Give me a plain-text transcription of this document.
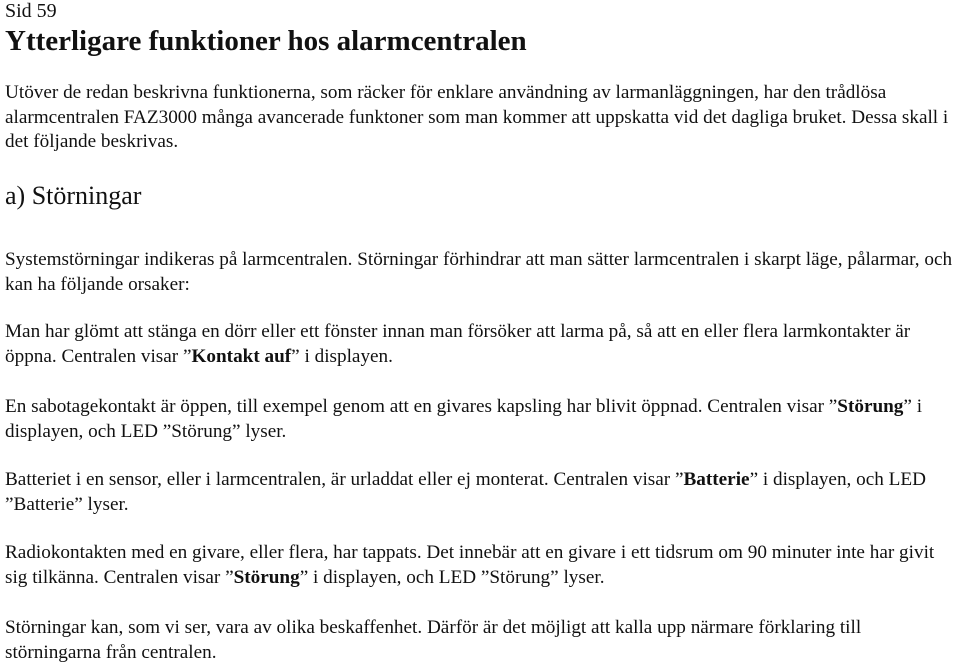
Sid 59
Ytterligare funktioner hos alarmcentralen

Utöver de redan beskrivna funktionerna, som räcker för enklare användning av larmanläggningen, har den trådlösa alarmcentralen FAZ3000 många avancerade funktoner som man kommer att uppskatta vid det dagliga bruket. Dessa skall i det följande beskrivas.

a) Störningar

Systemstörningar indikeras på larmcentralen. Störningar förhindrar att man sätter larmcentralen i skarpt läge, pålarmar, och kan ha följande orsaker:

Man har glömt att stänga en dörr eller ett fönster innan man försöker att larma på, så att en eller flera larmkontakter är öppna. Centralen visar ”Kontakt auf” i displayen.

En sabotagekontakt är öppen, till exempel genom att en givares kapsling har blivit öppnad. Centralen visar ”Störung” i displayen, och LED ”Störung” lyser.

Batteriet i en sensor, eller i larmcentralen, är urladdat eller ej monterat. Centralen visar ”Batterie” i displayen, och LED ”Batterie” lyser.

Radiokontakten med en givare, eller flera, har tappats. Det innebär att en givare i ett tidsrum om 90 minuter inte har givit sig tilkänna. Centralen visar ”Störung” i displayen, och LED ”Störung” lyser.

Störningar kan, som vi ser, vara av olika beskaffenhet. Därför är det möjligt att kalla upp närmare förklaring till störningarna från centralen.
